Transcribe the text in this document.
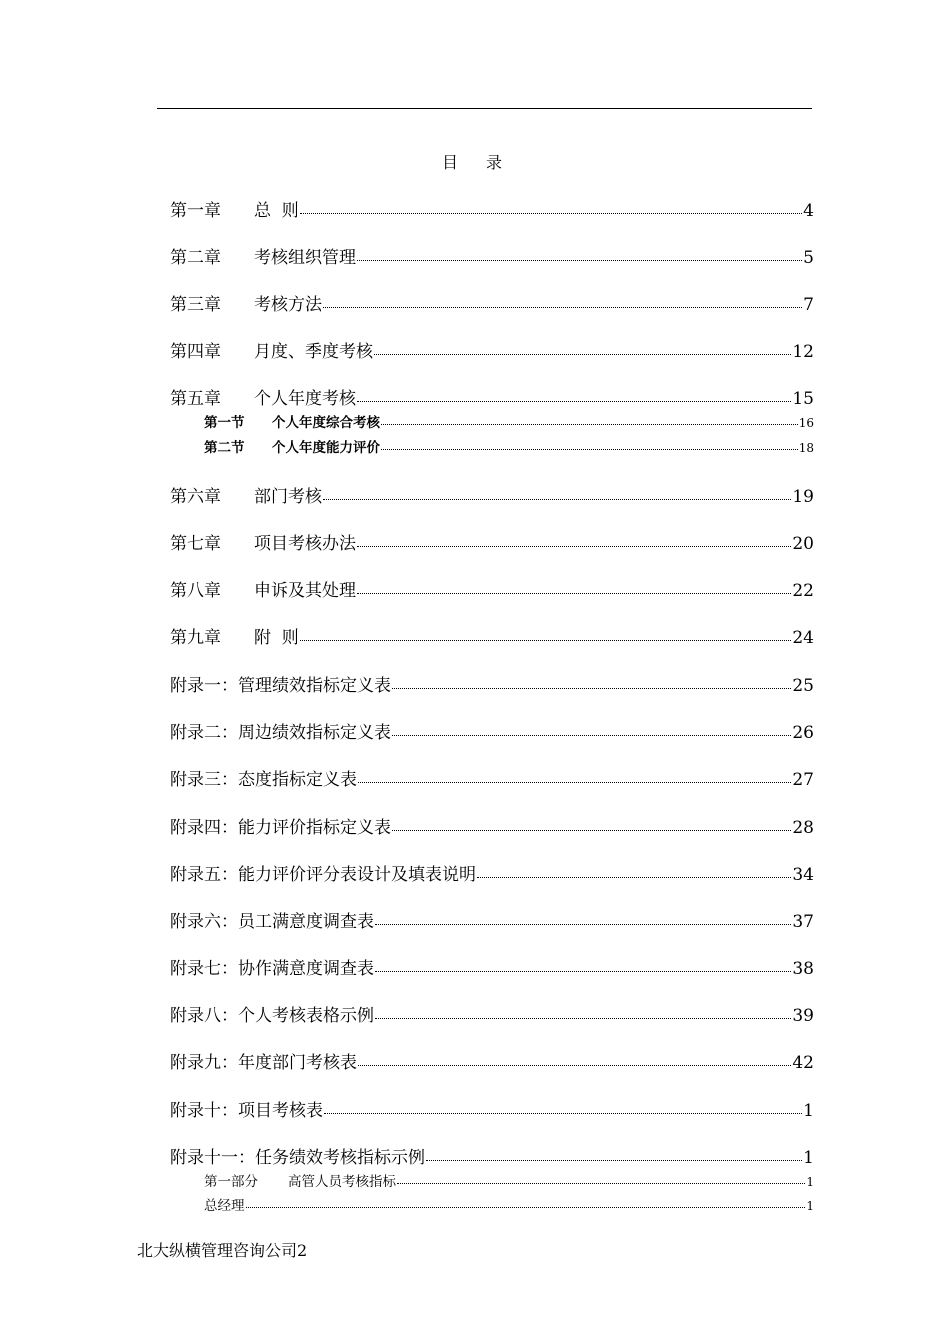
目　录
第一章	总  则	4
第二章	考核组织管理	5
第三章	考核方法	7
第四章	月度、季度考核	12
第五章	个人年度考核	15
第一节	个人年度综合考核	16
第二节	个人年度能力评价	18
第六章	部门考核	19
第七章	项目考核办法	20
第八章	申诉及其处理	22
第九章	附  则	24
附录一：管理绩效指标定义表	25
附录二：周边绩效指标定义表	26
附录三：态度指标定义表	27
附录四：能力评价指标定义表	28
附录五：能力评价评分表设计及填表说明	34
附录六：员工满意度调查表	37
附录七：协作满意度调查表	38
附录八：个人考核表格示例	39
附录九：年度部门考核表	42
附录十：项目考核表	1
附录十一：任务绩效考核指标示例	1
第一部分	高管人员考核指标	1
总经理	1
北大纵横管理咨询公司2
